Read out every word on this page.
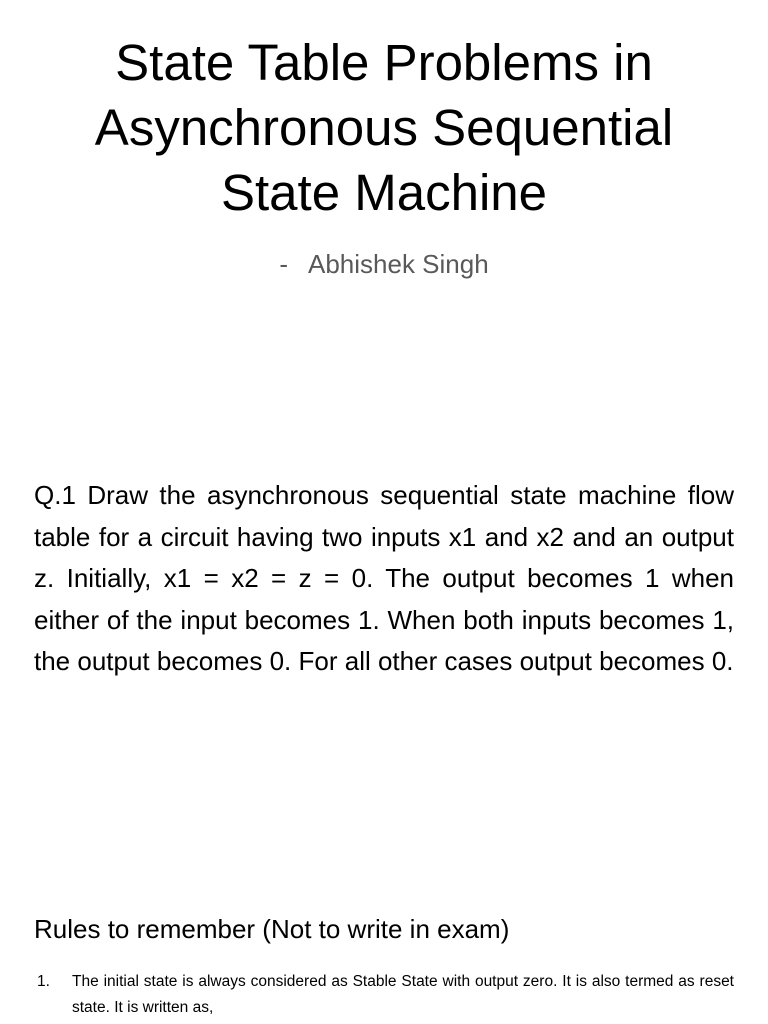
State Table Problems in Asynchronous Sequential State Machine
- Abhishek Singh

Q.1 Draw the asynchronous sequential state machine flow table for a circuit having two inputs x1 and x2 and an output z. Initially, x1 = x2 = z = 0. The output becomes 1 when either of the input becomes 1. When both inputs becomes 1, the output becomes 0. For all other cases output becomes 0.

Rules to remember (Not to write in exam)
1. The initial state is always considered as Stable State with output zero. It is also termed as reset state. It is written as,
